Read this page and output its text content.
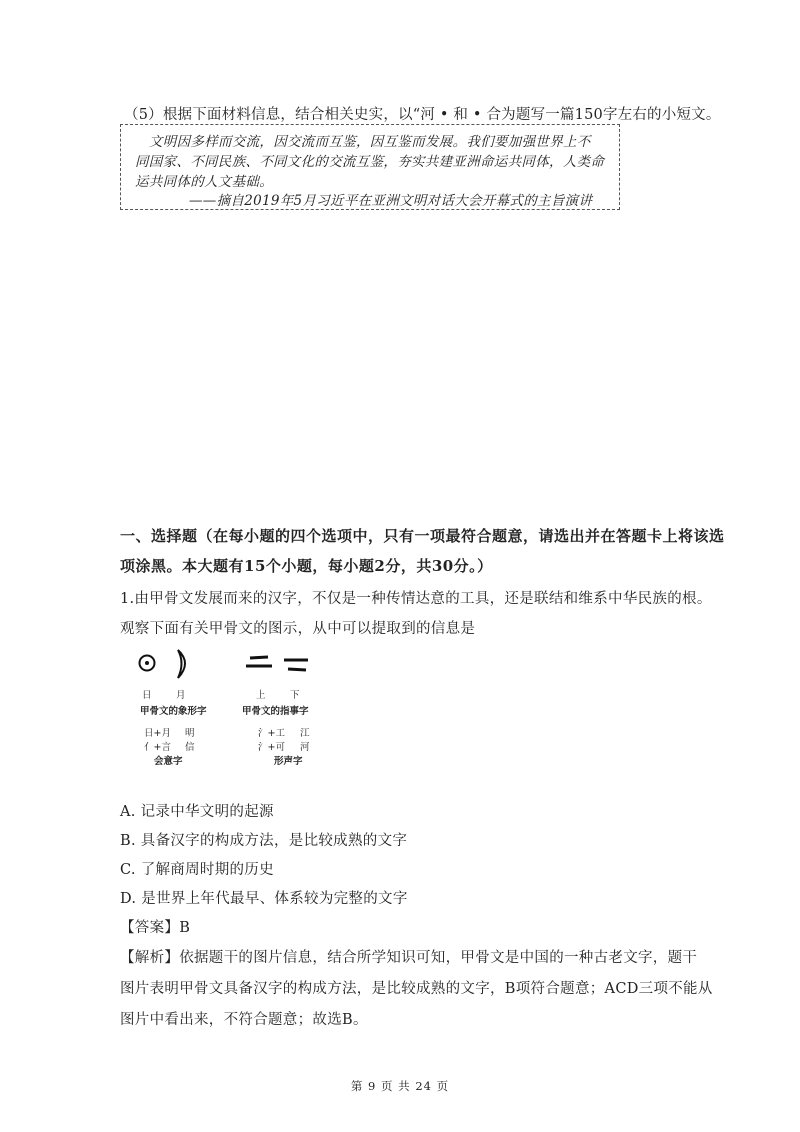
（5）根据下面材料信息，结合相关史实，以“河 • 和 • 合为题写一篇150字左右的小短文。
文明因多样而交流，因交流而互鉴，因互鉴而发展。我们要加强世界上不
同国家、不同民族、不同文化的交流互鉴，夯实共建亚洲命运共同体，人类命
运共同体的人文基础。
——摘自2019年5月习近平在亚洲文明对话大会开幕式的主旨演讲
一、选择题（在每小题的四个选项中，只有一项最符合题意，请选出并在答题卡上将该选
项涂黑。本大题有15个小题，每小题2分，共30分。）
1.由甲骨文发展而来的汉字，不仅是一种传情达意的工具，还是联结和维系中华民族的根。
观察下面有关甲骨文的图示，从中可以提取到的信息是
日	月	上	下
甲骨文的象形字	甲骨文的指事字
日+月 明
亻+言 信
会意字
氵+工 江
氵+可 河
形声字
A. 记录中华文明的起源
B. 具备汉字的构成方法，是比较成熟的文字
C. 了解商周时期的历史
D. 是世界上年代最早、体系较为完整的文字
【答案】B
【解析】依据题干的图片信息，结合所学知识可知，甲骨文是中国的一种古老文字，题干
图片表明甲骨文具备汉字的构成方法，是比较成熟的文字，B项符合题意；ACD三项不能从
图片中看出来，不符合题意；故选B。
第 9 页 共 24 页
